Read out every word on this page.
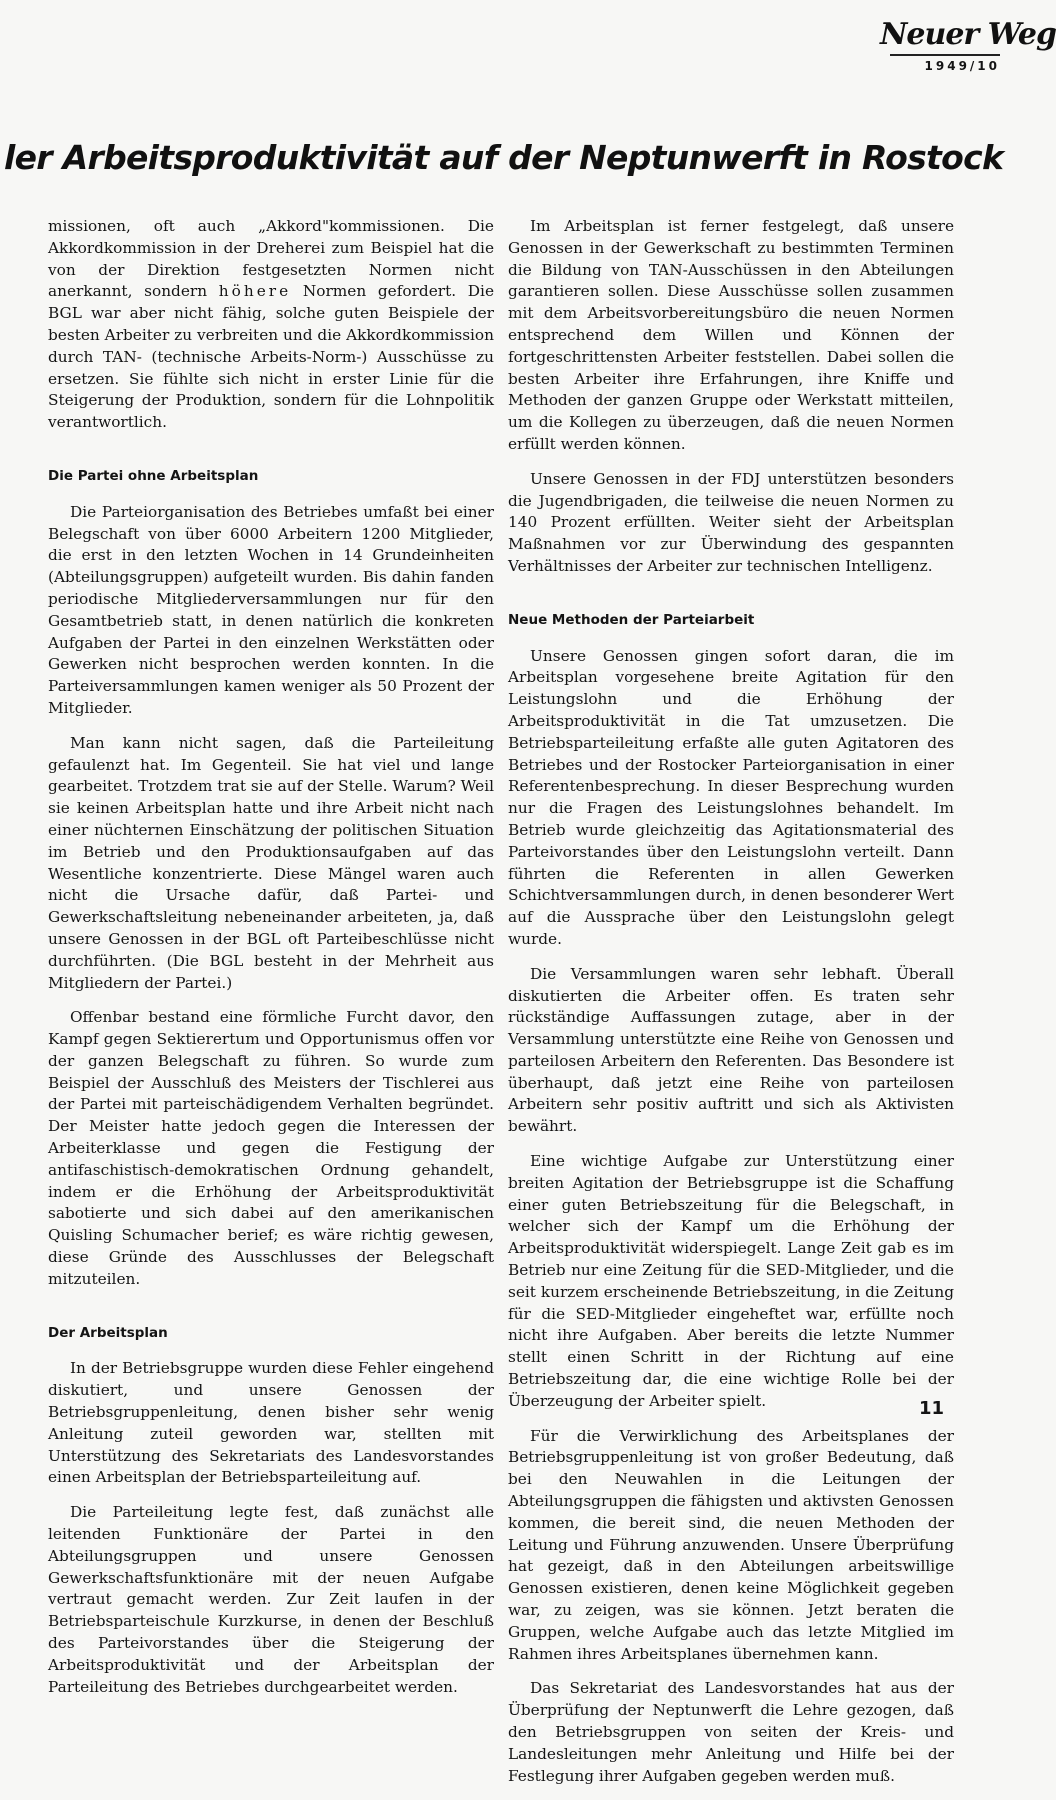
Neuer Weg
1949/10
ler Arbeitsproduktivität auf der Neptunwerft in Rostock

missionen, oft auch „Akkord"kommissionen. Die Akkordkommission in der Dreherei zum Beispiel hat die von der Direktion festgesetzten Normen nicht anerkannt, sondern höhere Normen gefordert. Die BGL war aber nicht fähig, solche guten Beispiele der besten Arbeiter zu verbreiten und die Akkordkommission durch TAN- (technische Arbeits-Norm-) Ausschüsse zu ersetzen. Sie fühlte sich nicht in erster Linie für die Steigerung der Produktion, sondern für die Lohnpolitik verantwortlich.

Die Partei ohne Arbeitsplan

Die Parteiorganisation des Betriebes umfaßt bei einer Belegschaft von über 6000 Arbeitern 1200 Mitglieder, die erst in den letzten Wochen in 14 Grundeinheiten (Abteilungsgruppen) aufgeteilt wurden. Bis dahin fanden periodische Mitgliederversammlungen nur für den Gesamtbetrieb statt, in denen natürlich die konkreten Aufgaben der Partei in den einzelnen Werkstätten oder Gewerken nicht besprochen werden konnten. In die Parteiversammlungen kamen weniger als 50 Prozent der Mitglieder.

Man kann nicht sagen, daß die Parteileitung gefaulenzt hat. Im Gegenteil. Sie hat viel und lange gearbeitet. Trotzdem trat sie auf der Stelle. Warum? Weil sie keinen Arbeitsplan hatte und ihre Arbeit nicht nach einer nüchternen Einschätzung der politischen Situation im Betrieb und den Produktionsaufgaben auf das Wesentliche konzentrierte. Diese Mängel waren auch nicht die Ursache dafür, daß Partei- und Gewerkschaftsleitung nebeneinander arbeiteten, ja, daß unsere Genossen in der BGL oft Parteibeschlüsse nicht durchführten. (Die BGL besteht in der Mehrheit aus Mitgliedern der Partei.)

Offenbar bestand eine förmliche Furcht davor, den Kampf gegen Sektierertum und Opportunismus offen vor der ganzen Belegschaft zu führen. So wurde zum Beispiel der Ausschluß des Meisters der Tischlerei aus der Partei mit parteischädigendem Verhalten begründet. Der Meister hatte jedoch gegen die Interessen der Arbeiterklasse und gegen die Festigung der antifaschistisch-demokratischen Ordnung gehandelt, indem er die Erhöhung der Arbeitsproduktivität sabotierte und sich dabei auf den amerikanischen Quisling Schumacher berief; es wäre richtig gewesen, diese Gründe des Ausschlusses der Belegschaft mitzuteilen.

Der Arbeitsplan

In der Betriebsgruppe wurden diese Fehler eingehend diskutiert, und unsere Genossen der Betriebsgruppenleitung, denen bisher sehr wenig Anleitung zuteil geworden war, stellten mit Unterstützung des Sekretariats des Landesvorstandes einen Arbeitsplan der Betriebsparteileitung auf.

Die Parteileitung legte fest, daß zunächst alle leitenden Funktionäre der Partei in den Abteilungsgruppen und unsere Genossen Gewerkschaftsfunktionäre mit der neuen Aufgabe vertraut gemacht werden. Zur Zeit laufen in der Betriebsparteischule Kurzkurse, in denen der Beschluß des Parteivorstandes über die Steigerung der Arbeitsproduktivität und der Arbeitsplan der Parteileitung des Betriebes durchgearbeitet werden.

Im Arbeitsplan ist ferner festgelegt, daß unsere Genossen in der Gewerkschaft zu bestimmten Terminen die Bildung von TAN-Ausschüssen in den Abteilungen garantieren sollen. Diese Ausschüsse sollen zusammen mit dem Arbeitsvorbereitungsbüro die neuen Normen entsprechend dem Willen und Können der fortgeschrittensten Arbeiter feststellen. Dabei sollen die besten Arbeiter ihre Erfahrungen, ihre Kniffe und Methoden der ganzen Gruppe oder Werkstatt mitteilen, um die Kollegen zu überzeugen, daß die neuen Normen erfüllt werden können.

Unsere Genossen in der FDJ unterstützen besonders die Jugendbrigaden, die teilweise die neuen Normen zu 140 Prozent erfüllten. Weiter sieht der Arbeitsplan Maßnahmen vor zur Überwindung des gespannten Verhältnisses der Arbeiter zur technischen Intelligenz.

Neue Methoden der Parteiarbeit

Unsere Genossen gingen sofort daran, die im Arbeitsplan vorgesehene breite Agitation für den Leistungslohn und die Erhöhung der Arbeitsproduktivität in die Tat umzusetzen. Die Betriebsparteileitung erfaßte alle guten Agitatoren des Betriebes und der Rostocker Parteiorganisation in einer Referentenbesprechung. In dieser Besprechung wurden nur die Fragen des Leistungslohnes behandelt. Im Betrieb wurde gleichzeitig das Agitationsmaterial des Parteivorstandes über den Leistungslohn verteilt. Dann führten die Referenten in allen Gewerken Schichtversammlungen durch, in denen besonderer Wert auf die Aussprache über den Leistungslohn gelegt wurde.

Die Versammlungen waren sehr lebhaft. Überall diskutierten die Arbeiter offen. Es traten sehr rückständige Auffassungen zutage, aber in der Versammlung unterstützte eine Reihe von Genossen und parteilosen Arbeitern den Referenten. Das Besondere ist überhaupt, daß jetzt eine Reihe von parteilosen Arbeitern sehr positiv auftritt und sich als Aktivisten bewährt.

Eine wichtige Aufgabe zur Unterstützung einer breiten Agitation der Betriebsgruppe ist die Schaffung einer guten Betriebszeitung für die Belegschaft, in welcher sich der Kampf um die Erhöhung der Arbeitsproduktivität widerspiegelt. Lange Zeit gab es im Betrieb nur eine Zeitung für die SED-Mitglieder, und die seit kurzem erscheinende Betriebszeitung, in die Zeitung für die SED-Mitglieder eingeheftet war, erfüllte noch nicht ihre Aufgaben. Aber bereits die letzte Nummer stellt einen Schritt in der Richtung auf eine Betriebszeitung dar, die eine wichtige Rolle bei der Überzeugung der Arbeiter spielt.

Für die Verwirklichung des Arbeitsplanes der Betriebsgruppenleitung ist von großer Bedeutung, daß bei den Neuwahlen in die Leitungen der Abteilungsgruppen die fähigsten und aktivsten Genossen kommen, die bereit sind, die neuen Methoden der Leitung und Führung anzuwenden. Unsere Überprüfung hat gezeigt, daß in den Abteilungen arbeitswillige Genossen existieren, denen keine Möglichkeit gegeben war, zu zeigen, was sie können. Jetzt beraten die Gruppen, welche Aufgabe auch das letzte Mitglied im Rahmen ihres Arbeitsplanes übernehmen kann.

Das Sekretariat des Landesvorstandes hat aus der Überprüfung der Neptunwerft die Lehre gezogen, daß den Betriebsgruppen von seiten der Kreis- und Landesleitungen mehr Anleitung und Hilfe bei der Festlegung ihrer Aufgaben gegeben werden muß.

11
